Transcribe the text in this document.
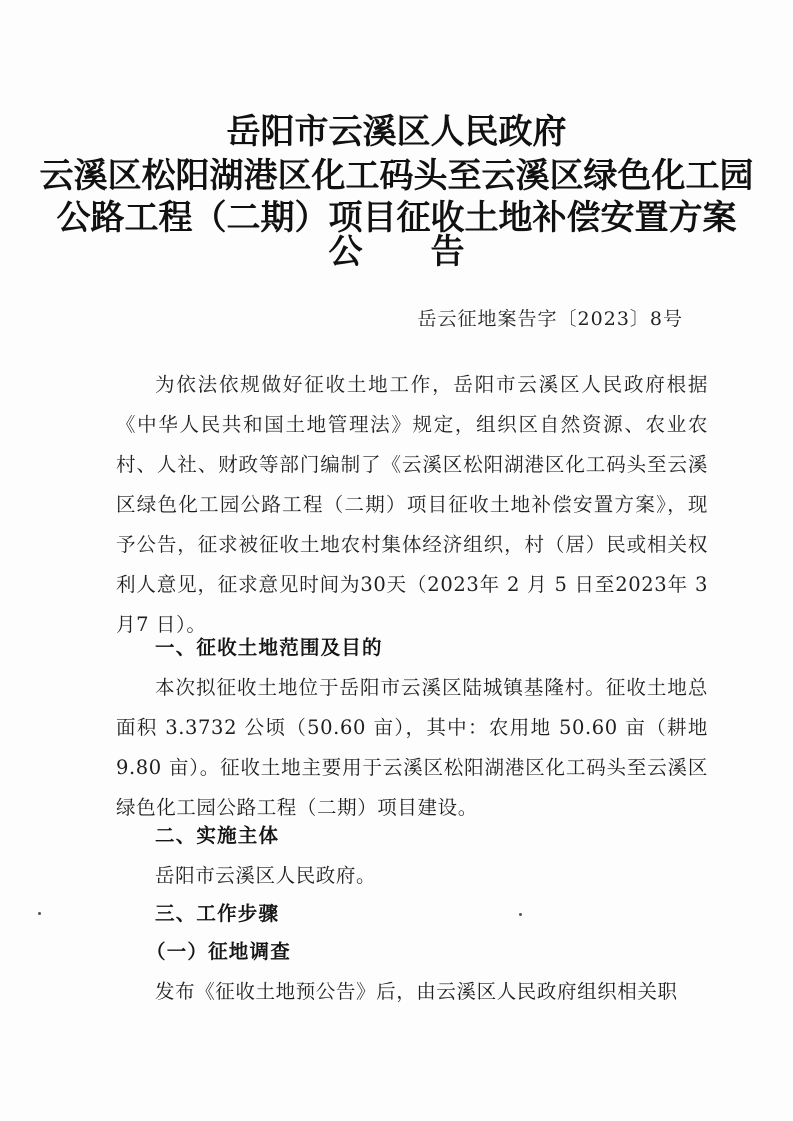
岳阳市云溪区人民政府
云溪区松阳湖港区化工码头至云溪区绿色化工园
公路工程（二期）项目征收土地补偿安置方案
公告
岳云征地案告字〔2023〕8号
为依法依规做好征收土地工作，岳阳市云溪区人民政府根据《中华人民共和国土地管理法》规定，组织区自然资源、农业农村、人社、财政等部门编制了《云溪区松阳湖港区化工码头至云溪区绿色化工园公路工程（二期）项目征收土地补偿安置方案》，现予公告，征求被征收土地农村集体经济组织，村（居）民或相关权利人意见，征求意见时间为30天（2023年 2 月 5 日至2023年 3月7 日）。
一、征收土地范围及目的
本次拟征收土地位于岳阳市云溪区陆城镇基隆村。征收土地总面积 3.3732 公顷（50.60 亩），其中：农用地 50.60 亩（耕地9.80 亩）。征收土地主要用于云溪区松阳湖港区化工码头至云溪区绿色化工园公路工程（二期）项目建设。
二、实施主体
岳阳市云溪区人民政府。
三、工作步骤
（一）征地调查
发布《征收土地预公告》后，由云溪区人民政府组织相关职
